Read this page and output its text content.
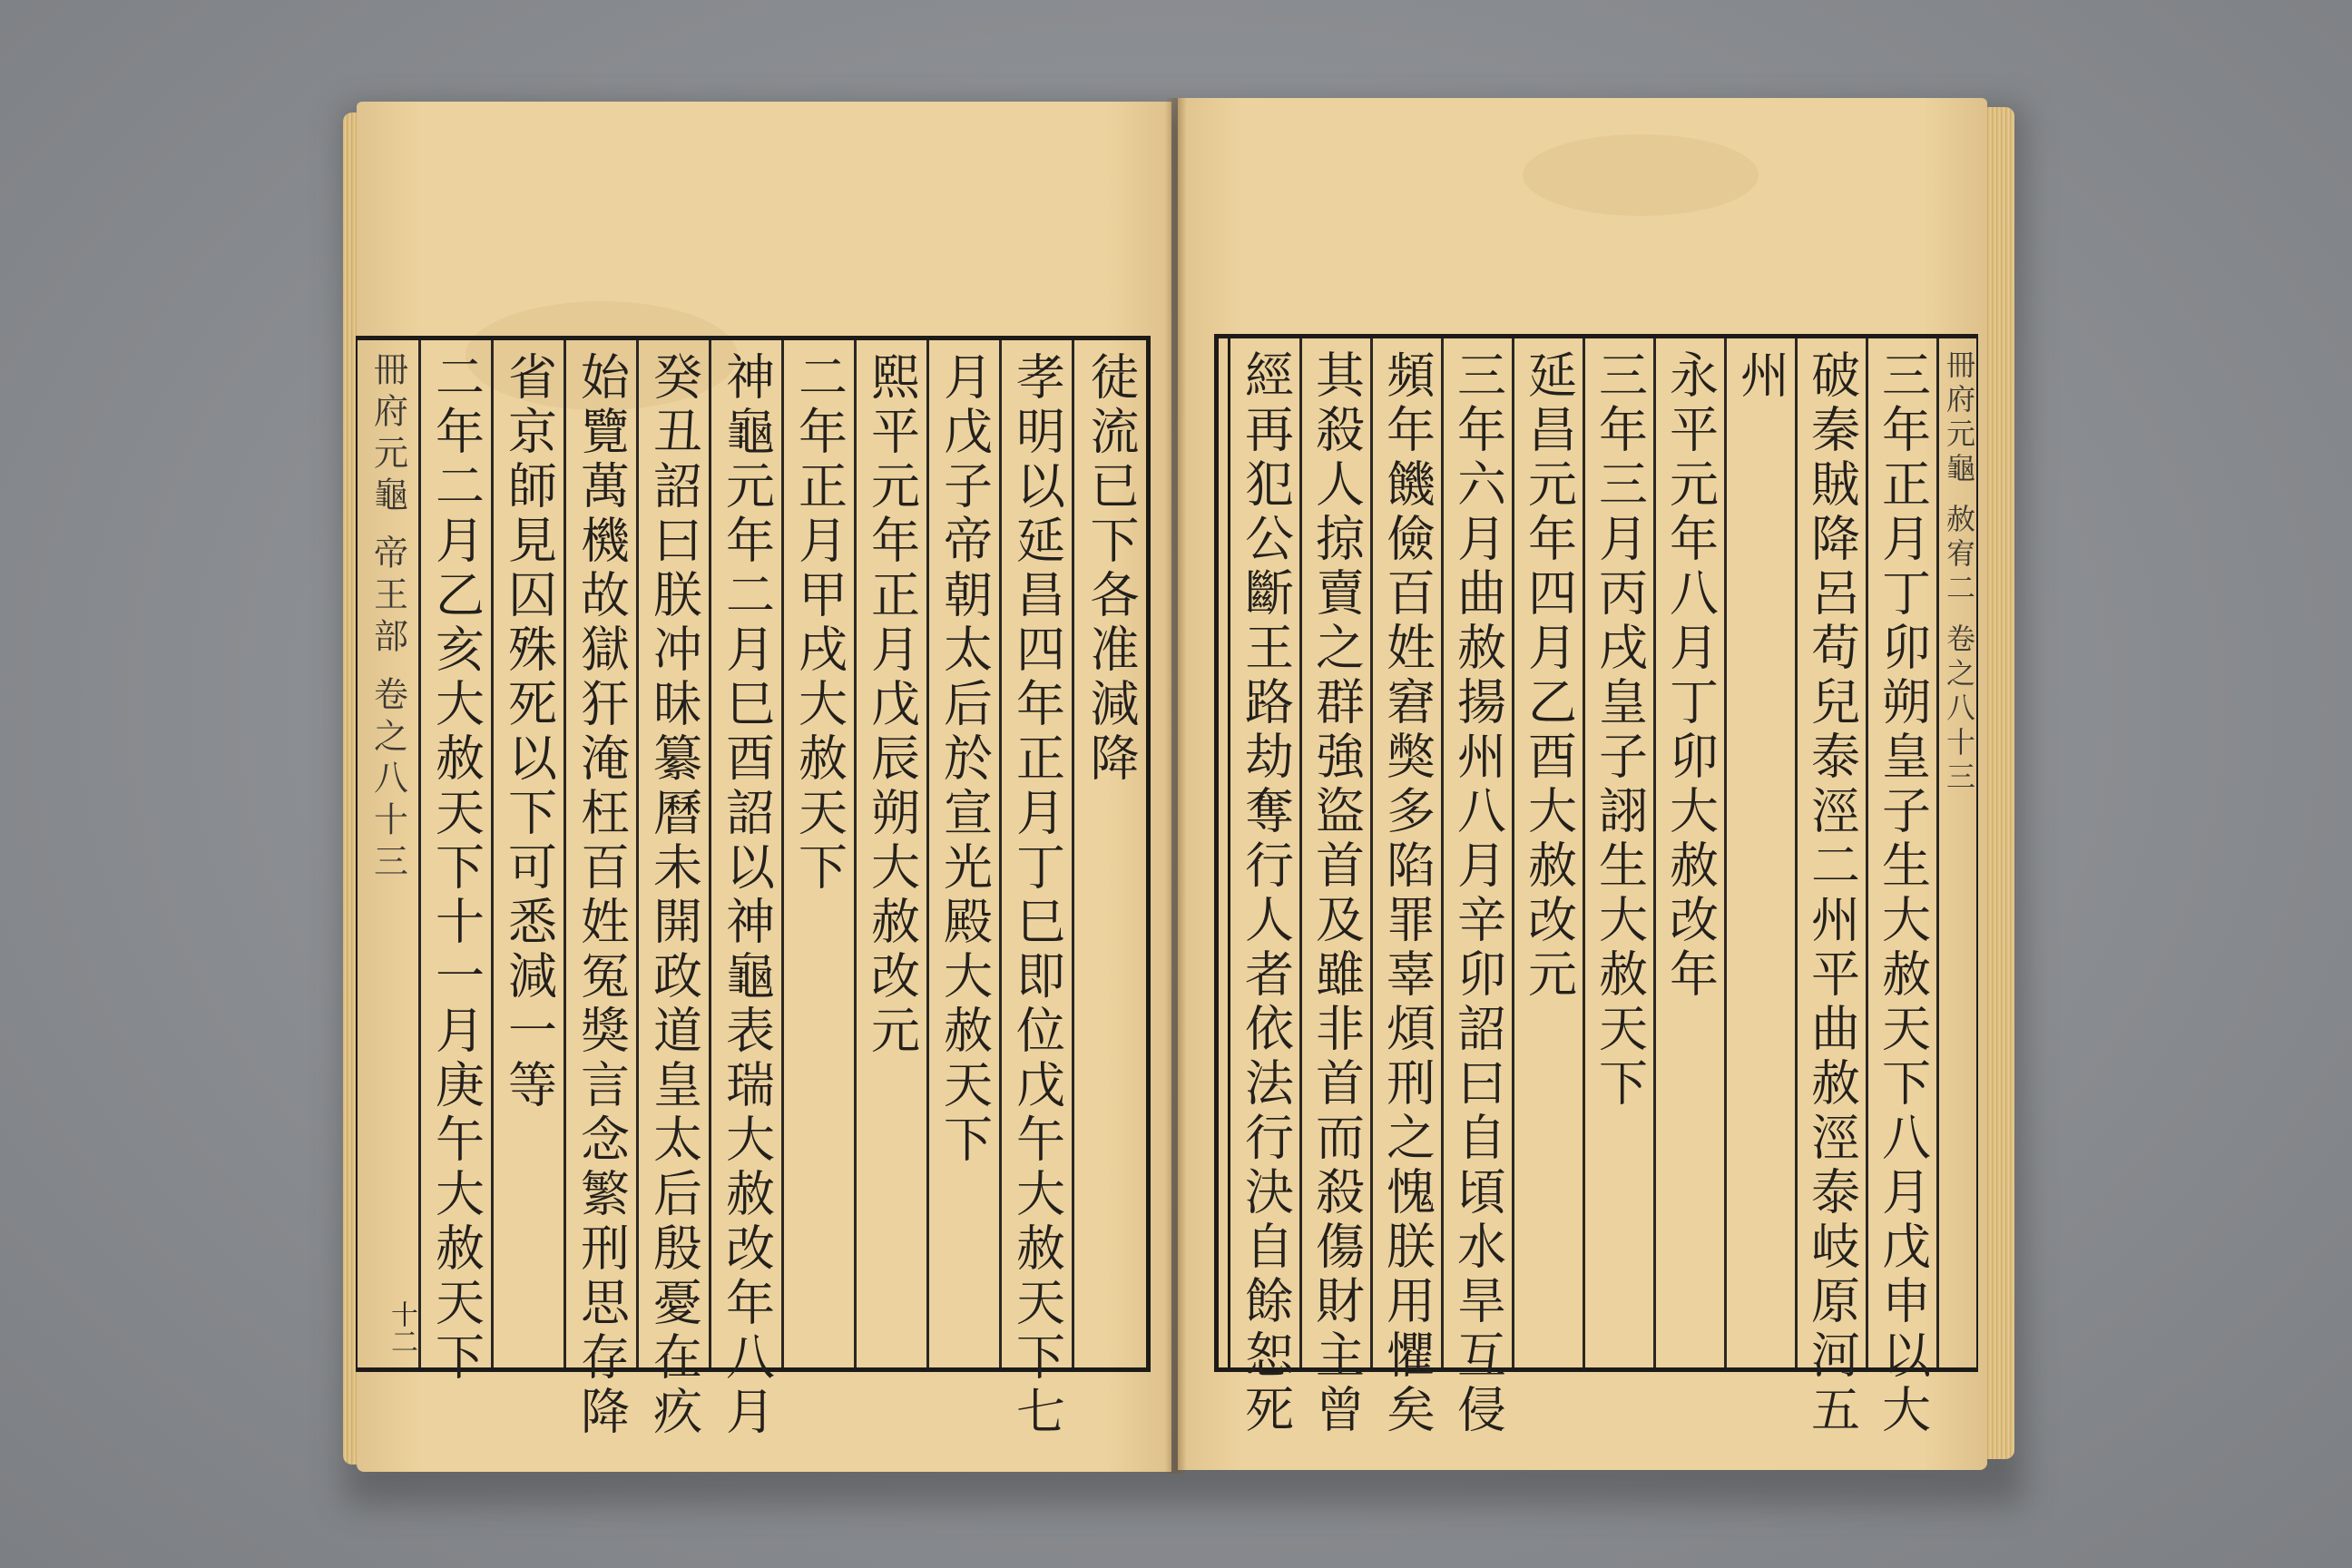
冊府元龜
帝王部
卷之八十三
十二 二年二月乙亥大赦天下十一月庚午大赦天下 省京師見囚殊死以下可悉減一等 始覽萬機故獄犴淹枉百姓冤獎言念繁刑思存降 癸丑詔曰朕冲昧纂曆未開政道皇太后殷憂在疚 神龜元年二月巳酉詔以神龜表瑞大赦改年八月 二年正月甲戌大赦天下 熙平元年正月戊辰朔大赦改元 月戊子帝朝太后於宣光殿大赦天下 孝明以延昌四年正月丁巳即位戊午大赦天下七 徒流已下各准減降 經再犯公斷王路劫奪行人者依法行決自餘恕死 其殺人掠賣之群強盜首及雖非首而殺傷財主曾 頻年饑儉百姓窘獘多陷罪辜煩刑之愧朕用懼矣 三年六月曲赦揚州八月辛卯詔曰自頃水旱互侵 延昌元年四月乙酉大赦改元 三年三月丙戌皇子詡生大赦天下 永平元年八月丁卯大赦改年 州 破秦賊降呂苟兒泰涇二州平曲赦涇泰岐原河五 三年正月丁卯朔皇子生大赦天下八月戊申以大 冊府元龜
赦宥二
卷之八十三
